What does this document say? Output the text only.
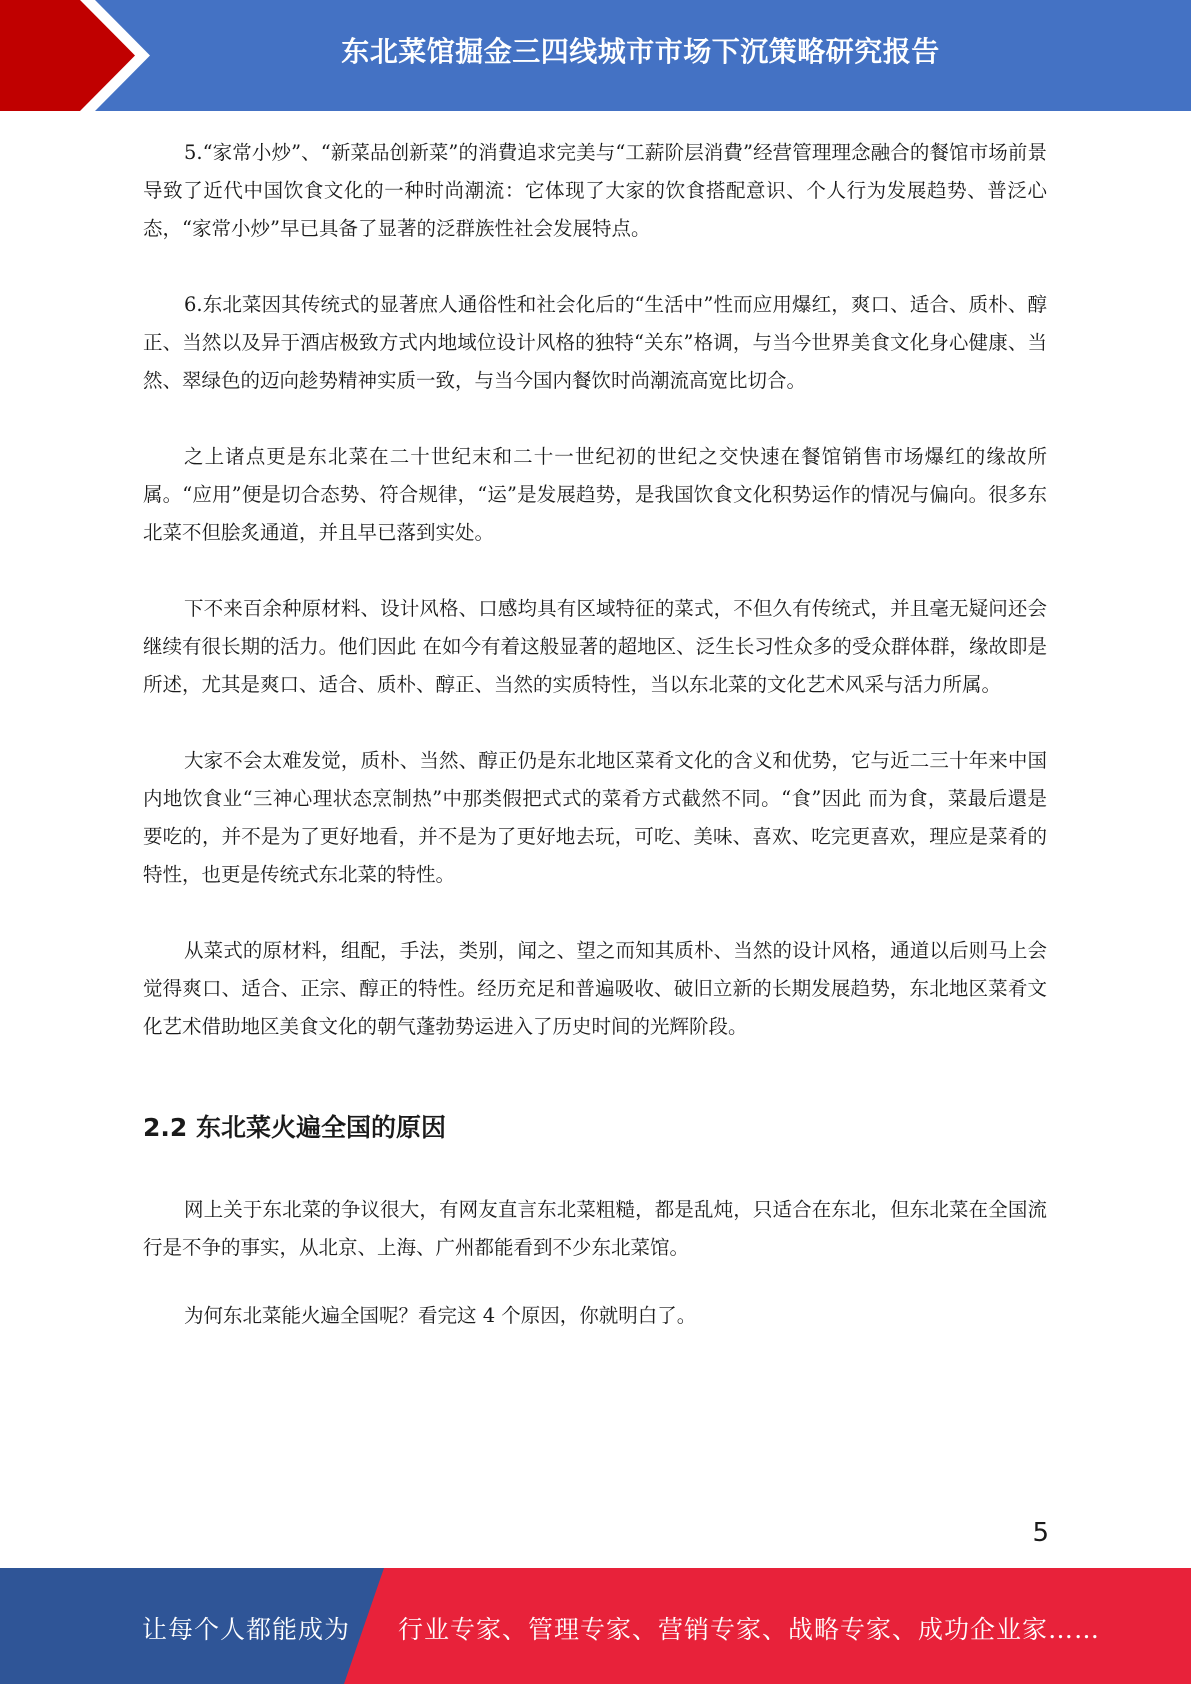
东北菜馆掘金三四线城市市场下沉策略研究报告

5.“家常小炒”、“新菜品创新菜”的消費追求完美与“工薪阶层消費”经营管理理念融合的餐馆市场前景导致了近代中国饮食文化的一种时尚潮流：它体现了大家的饮食搭配意识、个人行为发展趋势、普泛心态，“家常小炒”早已具备了显著的泛群族性社会发展特点。

6.东北菜因其传统式的显著庶人通俗性和社会化后的“生活中”性而应用爆红，爽口、适合、质朴、醇正、当然以及异于酒店极致方式内地域位设计风格的独特“关东”格调，与当今世界美食文化身心健康、当然、翠绿色的迈向趁势精神实质一致，与当今国内餐饮时尚潮流高宽比切合。

之上诸点更是东北菜在二十世纪末和二十一世纪初的世纪之交快速在餐馆销售市场爆红的缘故所属。“应用”便是切合态势、符合规律，“运”是发展趋势，是我国饮食文化积势运作的情况与偏向。很多东北菜不但脍炙通道，并且早已落到实处。

下不来百余种原材料、设计风格、口感均具有区域特征的菜式，不但久有传统式，并且毫无疑问还会继续有很长期的活力。他们因此 在如今有着这般显著的超地区、泛生长习性众多的受众群体群，缘故即是所述，尤其是爽口、适合、质朴、醇正、当然的实质特性，当以东北菜的文化艺术风采与活力所属。

大家不会太难发觉，质朴、当然、醇正仍是东北地区菜肴文化的含义和优势，它与近二三十年来中国内地饮食业“三神心理状态烹制热”中那类假把式式的菜肴方式截然不同。“食”因此 而为食，菜最后還是要吃的，并不是为了更好地看，并不是为了更好地去玩，可吃、美味、喜欢、吃完更喜欢，理应是菜肴的特性，也更是传统式东北菜的特性。

从菜式的原材料，组配，手法，类别，闻之、望之而知其质朴、当然的设计风格，通道以后则马上会觉得爽口、适合、正宗、醇正的特性。经历充足和普遍吸收、破旧立新的长期发展趋势，东北地区菜肴文化艺术借助地区美食文化的朝气蓬勃势运进入了历史时间的光辉阶段。

2.2 东北菜火遍全国的原因

网上关于东北菜的争议很大，有网友直言东北菜粗糙，都是乱炖，只适合在东北，但东北菜在全国流行是不争的事实，从北京、上海、广州都能看到不少东北菜馆。

为何东北菜能火遍全国呢？看完这 4 个原因，你就明白了。

5
让每个人都能成为 行业专家、管理专家、营销专家、战略专家、成功企业家……
